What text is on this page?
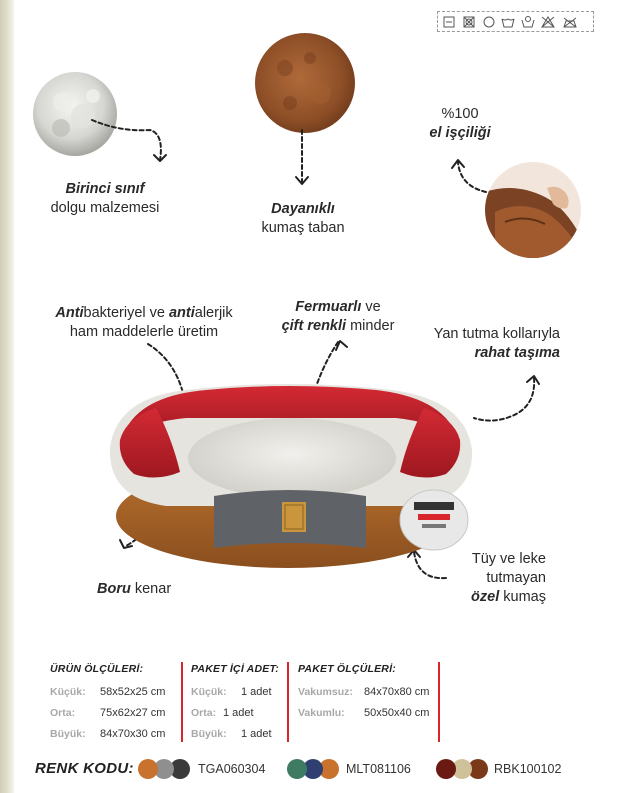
Birinci sınıf
dolgu malzemesi	Dayanıklı
kumaş taban
%100
el işçiliği
Antibakteriyel ve antialerjik
ham maddelerle üretim
Fermuarlı ve
çift renkli minder	Yan tutma kollarıyla
rahat taşıma
Boru kenar
Tüy ve leke
tutmayan
özel kumaş
ÜRÜN ÖLÇÜLERİ:
Küçük: 58x52x25 cm
Orta: 75x62x27 cm
Büyük: 84x70x30 cm
PAKET İÇİ ADET:
Küçük: 1 adet
Orta: 1 adet
Büyük: 1 adet
PAKET ÖLÇÜLERİ:
Vakumsuz: 84x70x80 cm
Vakumlu: 50x50x40 cm
RENK KODU:	TGA060304	MLT081106	RBK100102
